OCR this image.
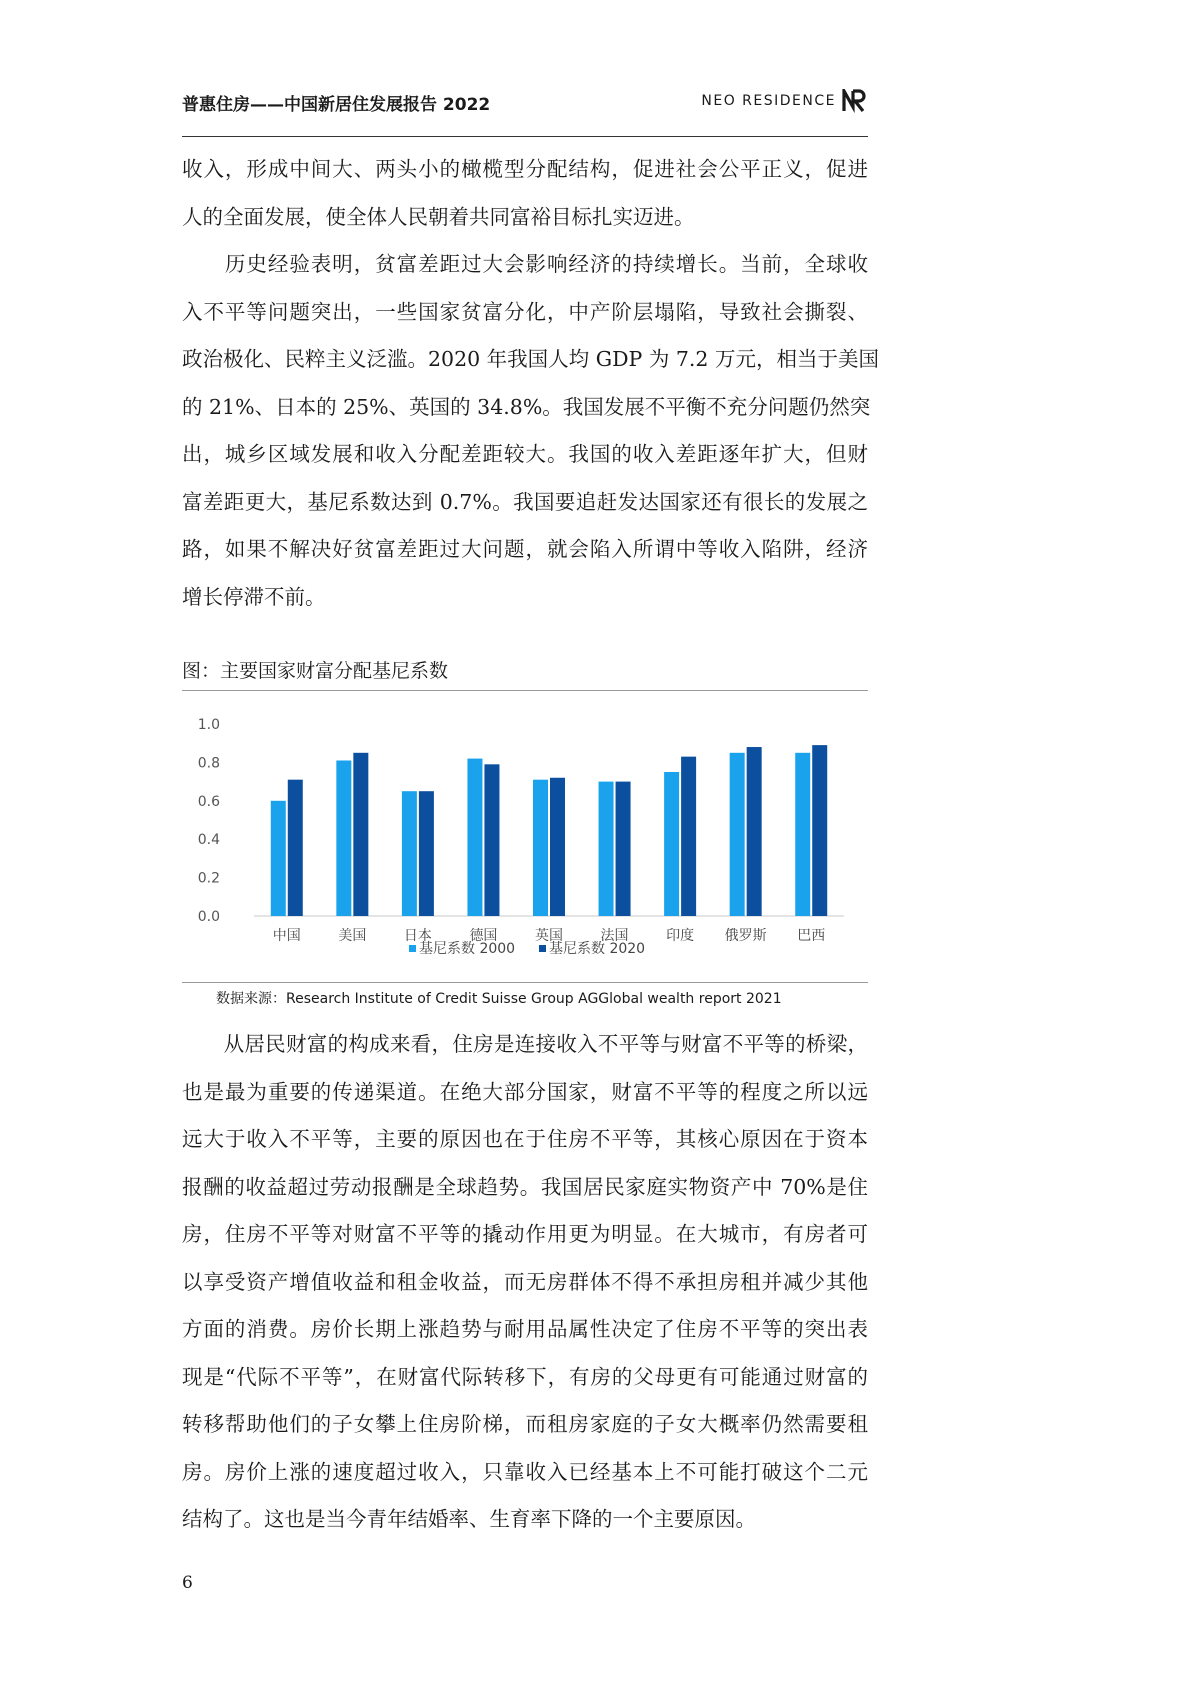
普惠住房——中国新居住发展报告 2022	NEO RESIDENCE
收入，形成中间大、两头小的橄榄型分配结构，促进社会公平正义，促进
人的全面发展，使全体人民朝着共同富裕目标扎实迈进。
　　历史经验表明，贫富差距过大会影响经济的持续增长。当前，全球收
入不平等问题突出，一些国家贫富分化，中产阶层塌陷，导致社会撕裂、
政治极化、民粹主义泛滥。2020 年我国人均 GDP 为 7.2 万元，相当于美国
的 21%、日本的 25%、英国的 34.8%。我国发展不平衡不充分问题仍然突
出，城乡区域发展和收入分配差距较大。我国的收入差距逐年扩大，但财
富差距更大，基尼系数达到 0.7%。我国要追赶发达国家还有很长的发展之
路，如果不解决好贫富差距过大问题，就会陷入所谓中等收入陷阱，经济
增长停滞不前。
图：主要国家财富分配基尼系数
0.0
0.2
0.4
0.6
0.8
1.0
中国	美国	日本	德国	英国	法国	印度 俄罗斯 巴西
基尼系数 2000 基尼系数 2020
数据来源：Research Institute of Credit Suisse Group AGGlobal wealth report 2021
　　从居民财富的构成来看，住房是连接收入不平等与财富不平等的桥梁，
也是最为重要的传递渠道。在绝大部分国家，财富不平等的程度之所以远
远大于收入不平等，主要的原因也在于住房不平等，其核心原因在于资本
报酬的收益超过劳动报酬是全球趋势。我国居民家庭实物资产中 70%是住
房，住房不平等对财富不平等的撬动作用更为明显。在大城市，有房者可
以享受资产增值收益和租金收益，而无房群体不得不承担房租并减少其他
方面的消费。房价长期上涨趋势与耐用品属性决定了住房不平等的突出表
现是“代际不平等”，在财富代际转移下，有房的父母更有可能通过财富的
转移帮助他们的子女攀上住房阶梯，而租房家庭的子女大概率仍然需要租
房。房价上涨的速度超过收入，只靠收入已经基本上不可能打破这个二元
结构了。这也是当今青年结婚率、生育率下降的一个主要原因。
6
